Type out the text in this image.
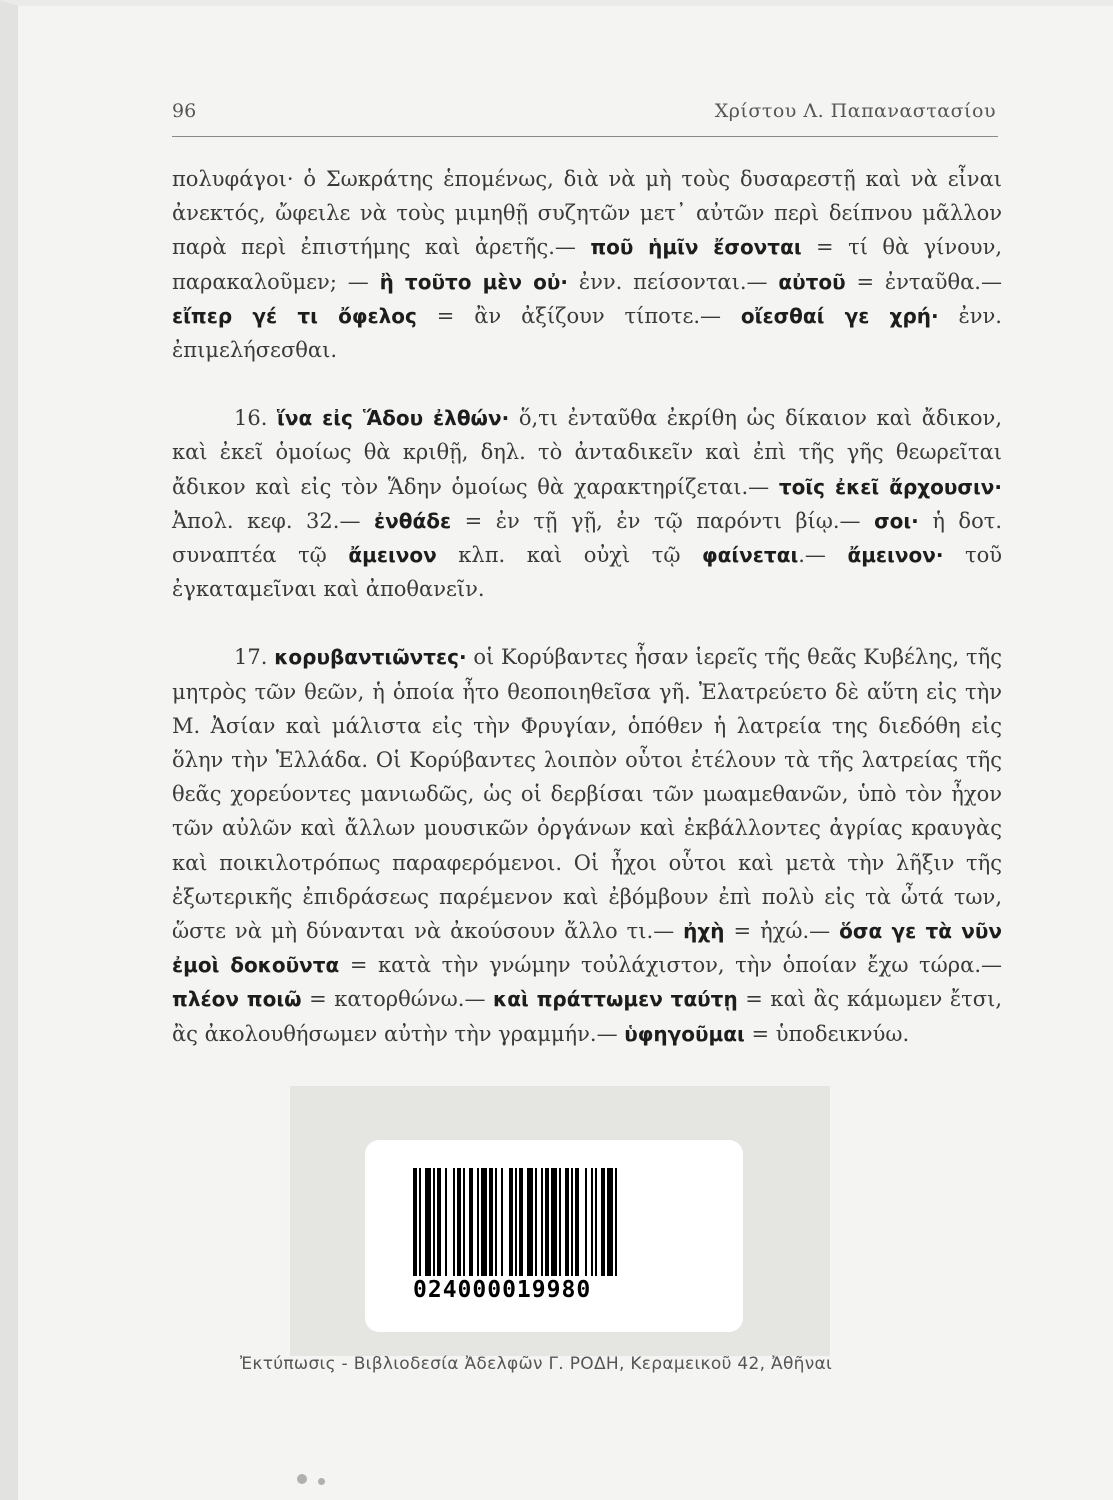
96	Χρίστου Λ. Παπαναστασίου

πολυφάγοι· ὁ Σωκράτης ἑπομένως, διὰ νὰ μὴ τοὺς δυσαρεστῇ καὶ νὰ εἶναι ἀνεκτός, ὤφειλε νὰ τοὺς μιμηθῇ συζητῶν μετ᾽ αὐτῶν περὶ δείπνου μᾶλλον παρὰ περὶ ἐπιστήμης καὶ ἀρετῆς.— ποῦ ἡμῖν ἔσονται = τί θὰ γίνουν, παρακαλοῦμεν; — ἢ τοῦτο μὲν οὐ· ἐνν. πείσονται.— αὐτοῦ = ἐνταῦθα.— εἴπερ γέ τι ὄφελος = ἂν ἀξίζουν τίποτε.— οἴεσθαί γε χρή· ἐνν. ἐπιμελήσεσθαι.

16. ἵνα εἰς Ἅδου ἐλθών· ὅ,τι ἐνταῦθα ἐκρίθη ὡς δίκαιον καὶ ἄδικον, καὶ ἐκεῖ ὁμοίως θὰ κριθῇ, δηλ. τὸ ἀνταδικεῖν καὶ ἐπὶ τῆς γῆς θεωρεῖται ἄδικον καὶ εἰς τὸν Ἅδην ὁμοίως θὰ χαρακτηρίζεται.— τοῖς ἐκεῖ ἄρχουσιν· Ἀπολ. κεφ. 32.— ἐνθάδε = ἐν τῇ γῇ, ἐν τῷ παρόντι βίῳ.— σοι· ἡ δοτ. συναπτέα τῷ ἄμεινον κλπ. καὶ οὐχὶ τῷ φαίνεται.— ἄμεινον· τοῦ ἐγκαταμεῖναι καὶ ἀποθανεῖν.

17. κορυβαντιῶντες· οἱ Κορύβαντες ἦσαν ἱερεῖς τῆς θεᾶς Κυβέλης, τῆς μητρὸς τῶν θεῶν, ἡ ὁποία ἦτο θεοποιηθεῖσα γῆ. Ἐλατρεύετο δὲ αὕτη εἰς τὴν Μ. Ἀσίαν καὶ μάλιστα εἰς τὴν Φρυγίαν, ὁπόθεν ἡ λατρεία της διεδόθη εἰς ὅλην τὴν Ἑλλάδα. Οἱ Κορύβαντες λοιπὸν οὗτοι ἐτέλουν τὰ τῆς λατρείας τῆς θεᾶς χορεύοντες μανιωδῶς, ὡς οἱ δερβίσαι τῶν μωαμεθανῶν, ὑπὸ τὸν ἦχον τῶν αὐλῶν καὶ ἄλλων μουσικῶν ὀργάνων καὶ ἐκβάλλοντες ἀγρίας κραυγὰς καὶ ποικιλοτρόπως παραφερόμενοι. Οἱ ἦχοι οὗτοι καὶ μετὰ τὴν λῆξιν τῆς ἐξωτερικῆς ἐπιδράσεως παρέμενον καὶ ἐβόμβουν ἐπὶ πολὺ εἰς τὰ ὦτά των, ὥστε νὰ μὴ δύνανται νὰ ἀκούσουν ἄλλο τι.— ἠχὴ = ἠχώ.— ὅσα γε τὰ νῦν ἐμοὶ δοκοῦντα = κατὰ τὴν γνώμην τοὐλάχιστον, τὴν ὁποίαν ἔχω τώρα.— πλέον ποιῶ = κατορθώνω.— καὶ πράττωμεν ταύτῃ = καὶ ἂς κάμωμεν ἔτσι, ἂς ἀκολουθήσωμεν αὐτὴν τὴν γραμμήν.— ὑφηγοῦμαι = ὑποδεικνύω.

024000019980
Ἐκτύπωσις - Βιβλιοδεσία Ἀδελφῶν Γ. ΡΟΔΗ, Κεραμεικοῦ 42, Ἀθῆναι
